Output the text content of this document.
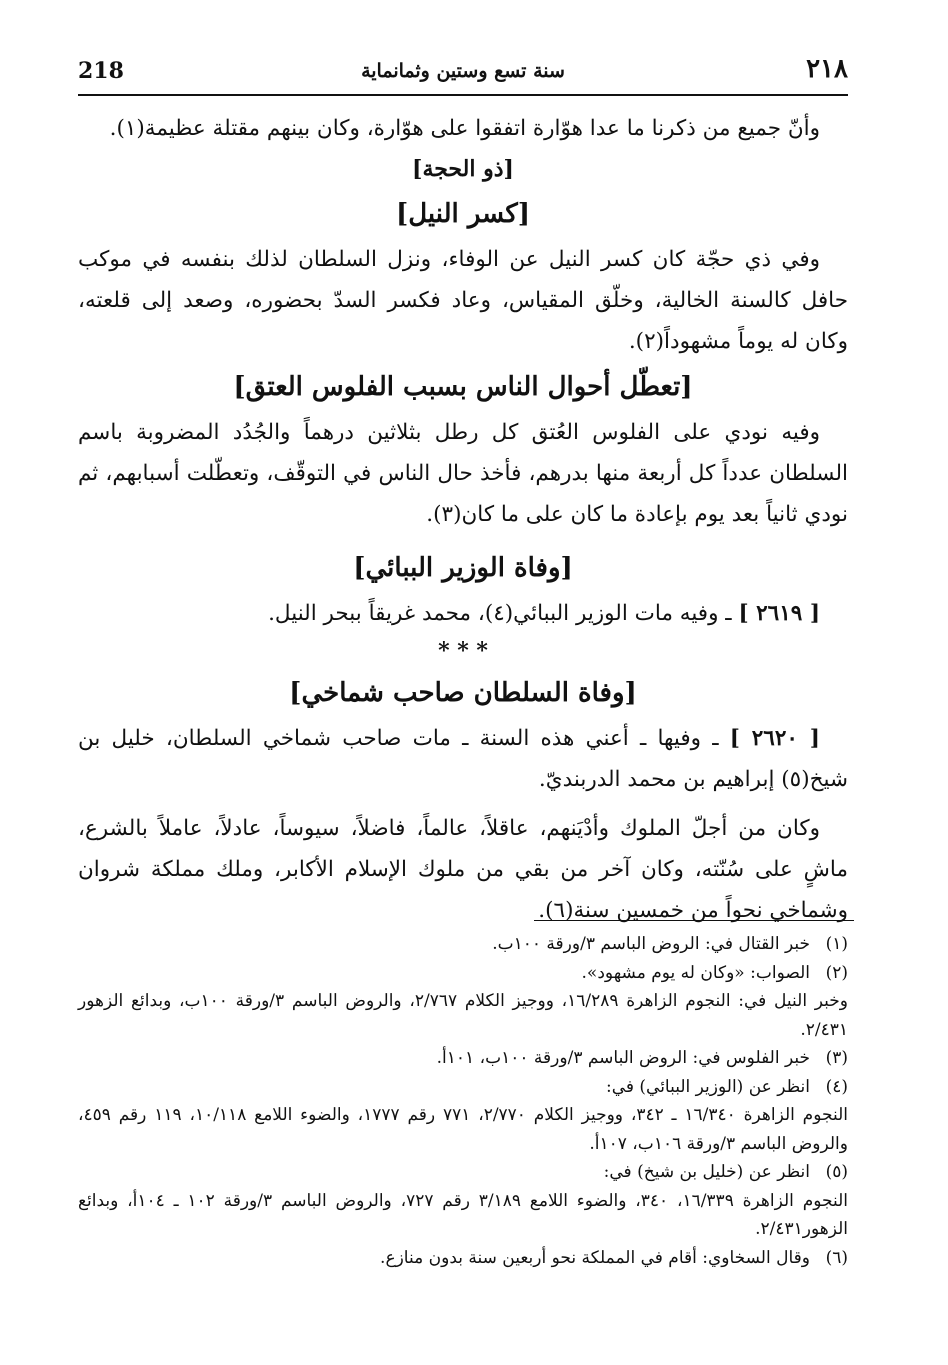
٢١٨
سنة تسع وستين وثمانماية
218

وأنّ جميع من ذكرنا ما عدا هوّارة اتفقوا على هوّارة، وكان بينهم مقتلة عظيمة(١).

[ذو الحجة]

[كسر النيل]

وفي ذي حجّة كان كسر النيل عن الوفاء، ونزل السلطان لذلك بنفسه في موكب حافل كالسنة الخالية، وخلّق المقياس، وعاد فكسر السدّ بحضوره، وصعد إلى قلعته، وكان له يوماً مشهوداً(٢).

[تعطّل أحوال الناس بسبب الفلوس العتق]

وفيه نودي على الفلوس العُتق كل رطل بثلاثين درهماً والجُدُد المضروبة باسم السلطان عدداً كل أربعة منها بدرهم، فأخذ حال الناس في التوقّف، وتعطّلت أسبابهم، ثم نودي ثانياً بعد يوم بإعادة ما كان على ما كان(٣).

[وفاة الوزير الببائي]

[ ٢٦١٩ ] ـ وفيه مات الوزير الببائي(٤)، محمد غريقاً ببحر النيل.

* * *

[وفاة السلطان صاحب شماخي]

[ ٢٦٢٠ ] ـ وفيها ـ أعني هذه السنة ـ مات صاحب شماخي السلطان، خليل بن شيخ(٥) إبراهيم بن محمد الدربنديّ.

وكان من أجلّ الملوك وأدْيَنهم، عاقلاً، عالماً، فاضلاً، سيوساً، عادلاً، عاملاً بالشرع، ماشٍ على سُنّته، وكان آخر من بقي من ملوك الإسلام الأكابر، وملك مملكة شروان وشماخي نحواً من خمسين سنة(٦).

(١)
خبر القتال في: الروض الباسم ٣/ورقة ١٠٠ب.
(٢)
الصواب: «وكان له يوم مشهود».
وخبر النيل في: النجوم الزاهرة ١٦/٢٨٩، ووجيز الكلام ٢/٧٦٧، والروض الباسم ٣/ورقة ١٠٠ب، وبدائع الزهور ٢/٤٣١.
(٣)
خبر الفلوس في: الروض الباسم ٣/ورقة ١٠٠ب، ١٠١أ.
(٤)
انظر عن (الوزير الببائي) في:
النجوم الزاهرة ١٦/٣٤٠ ـ ٣٤٢، ووجيز الكلام ٢/٧٧٠، ٧٧١ رقم ١٧٧٧، والضوء اللامع ١٠/١١٨، ١١٩ رقم ٤٥٩، والروض الباسم ٣/ورقة ١٠٦ب، ١٠٧أ.
(٥)
انظر عن (خليل بن شيخ) في:
النجوم الزاهرة ١٦/٣٣٩، ٣٤٠، والضوء اللامع ٣/١٨٩ رقم ٧٢٧، والروض الباسم ٣/ورقة ١٠٢ ـ ١٠٤أ، وبدائع الزهور٢/٤٣١.
(٦)
وقال السخاوي: أقام في المملكة نحو أربعين سنة بدون منازع.
